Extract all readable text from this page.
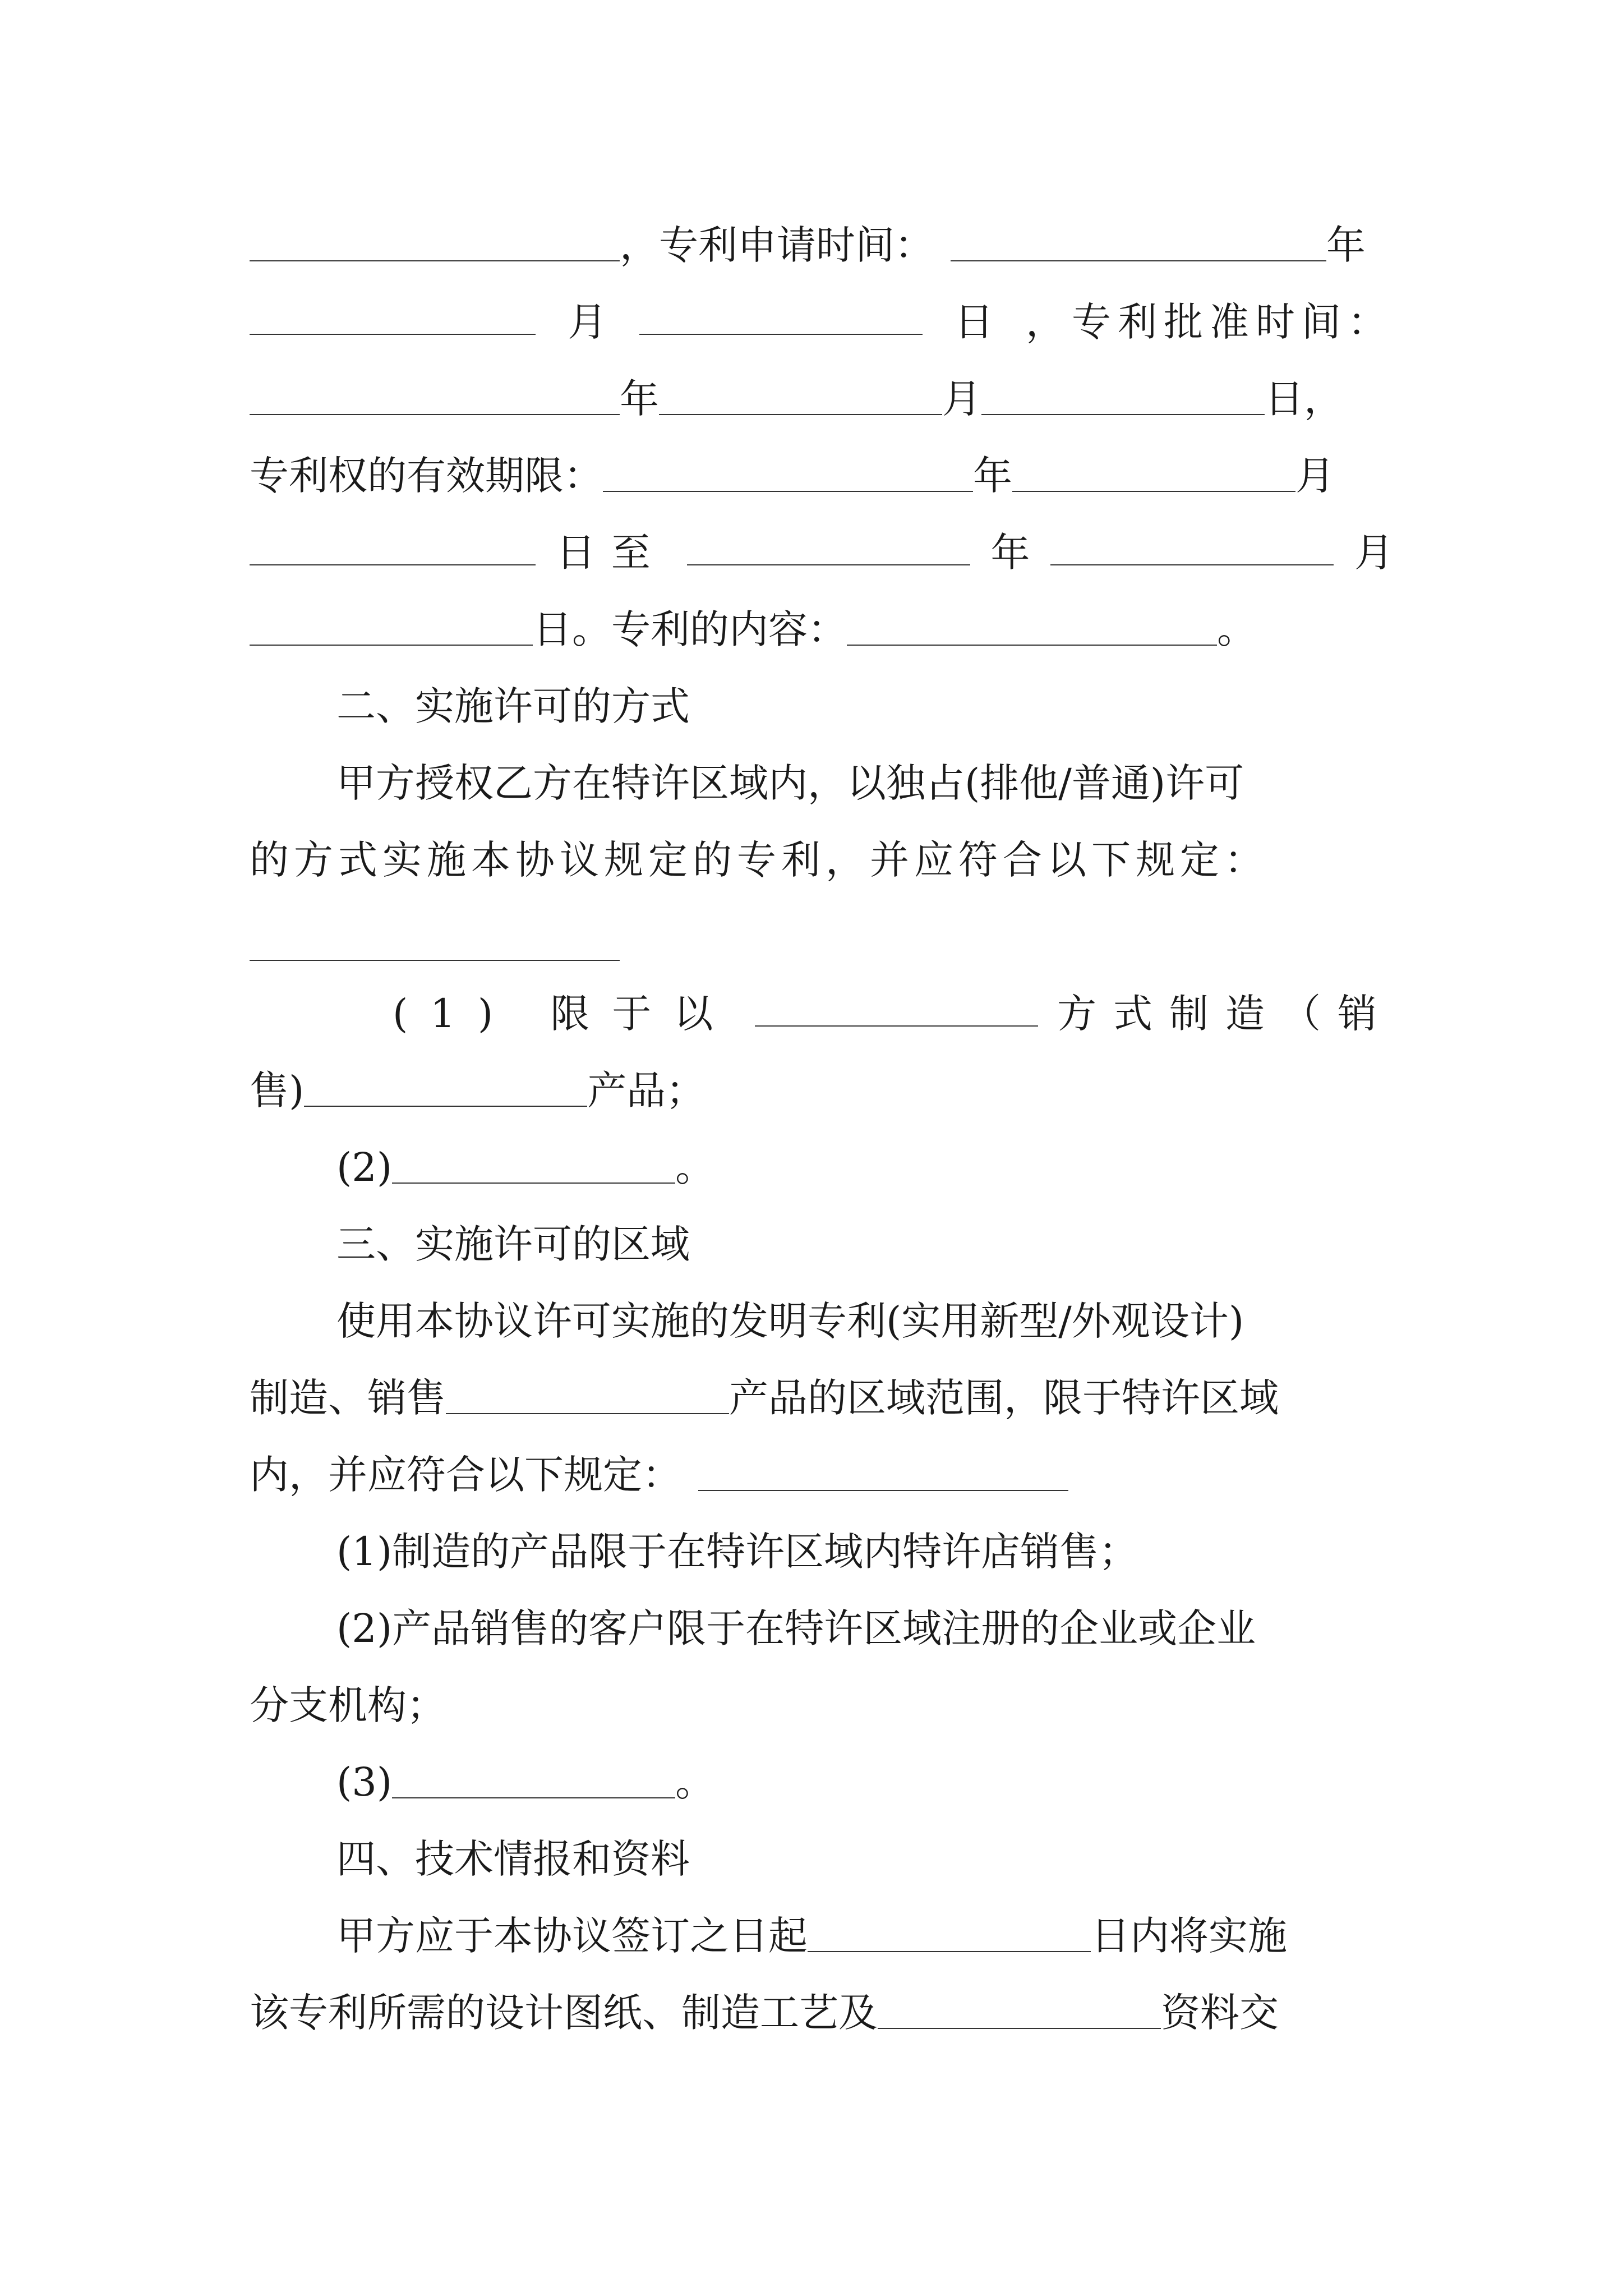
，专利申请时间：	年
月	日 ，专利批准时间：
年	月	日，
专利权的有效期限：	年	月
日至	年	月
日。专利的内容：	。
二、实施许可的方式
甲方授权乙方在特许区域内，以独占(排他/普通)许可
的方式实施本协议规定的专利，并应符合以下规定：
(1) 限于以	方式制造（销
售)	产品；
(2)	。
三、实施许可的区域
使用本协议许可实施的发明专利(实用新型/外观设计)
制造、销售	产品的区域范围，限于特许区域
内，并应符合以下规定：
(1)制造的产品限于在特许区域内特许店销售；
(2)产品销售的客户限于在特许区域注册的企业或企业
分支机构；
(3)	。
四、技术情报和资料
甲方应于本协议签订之日起	日内将实施
该专利所需的设计图纸、制造工艺及	资料交
